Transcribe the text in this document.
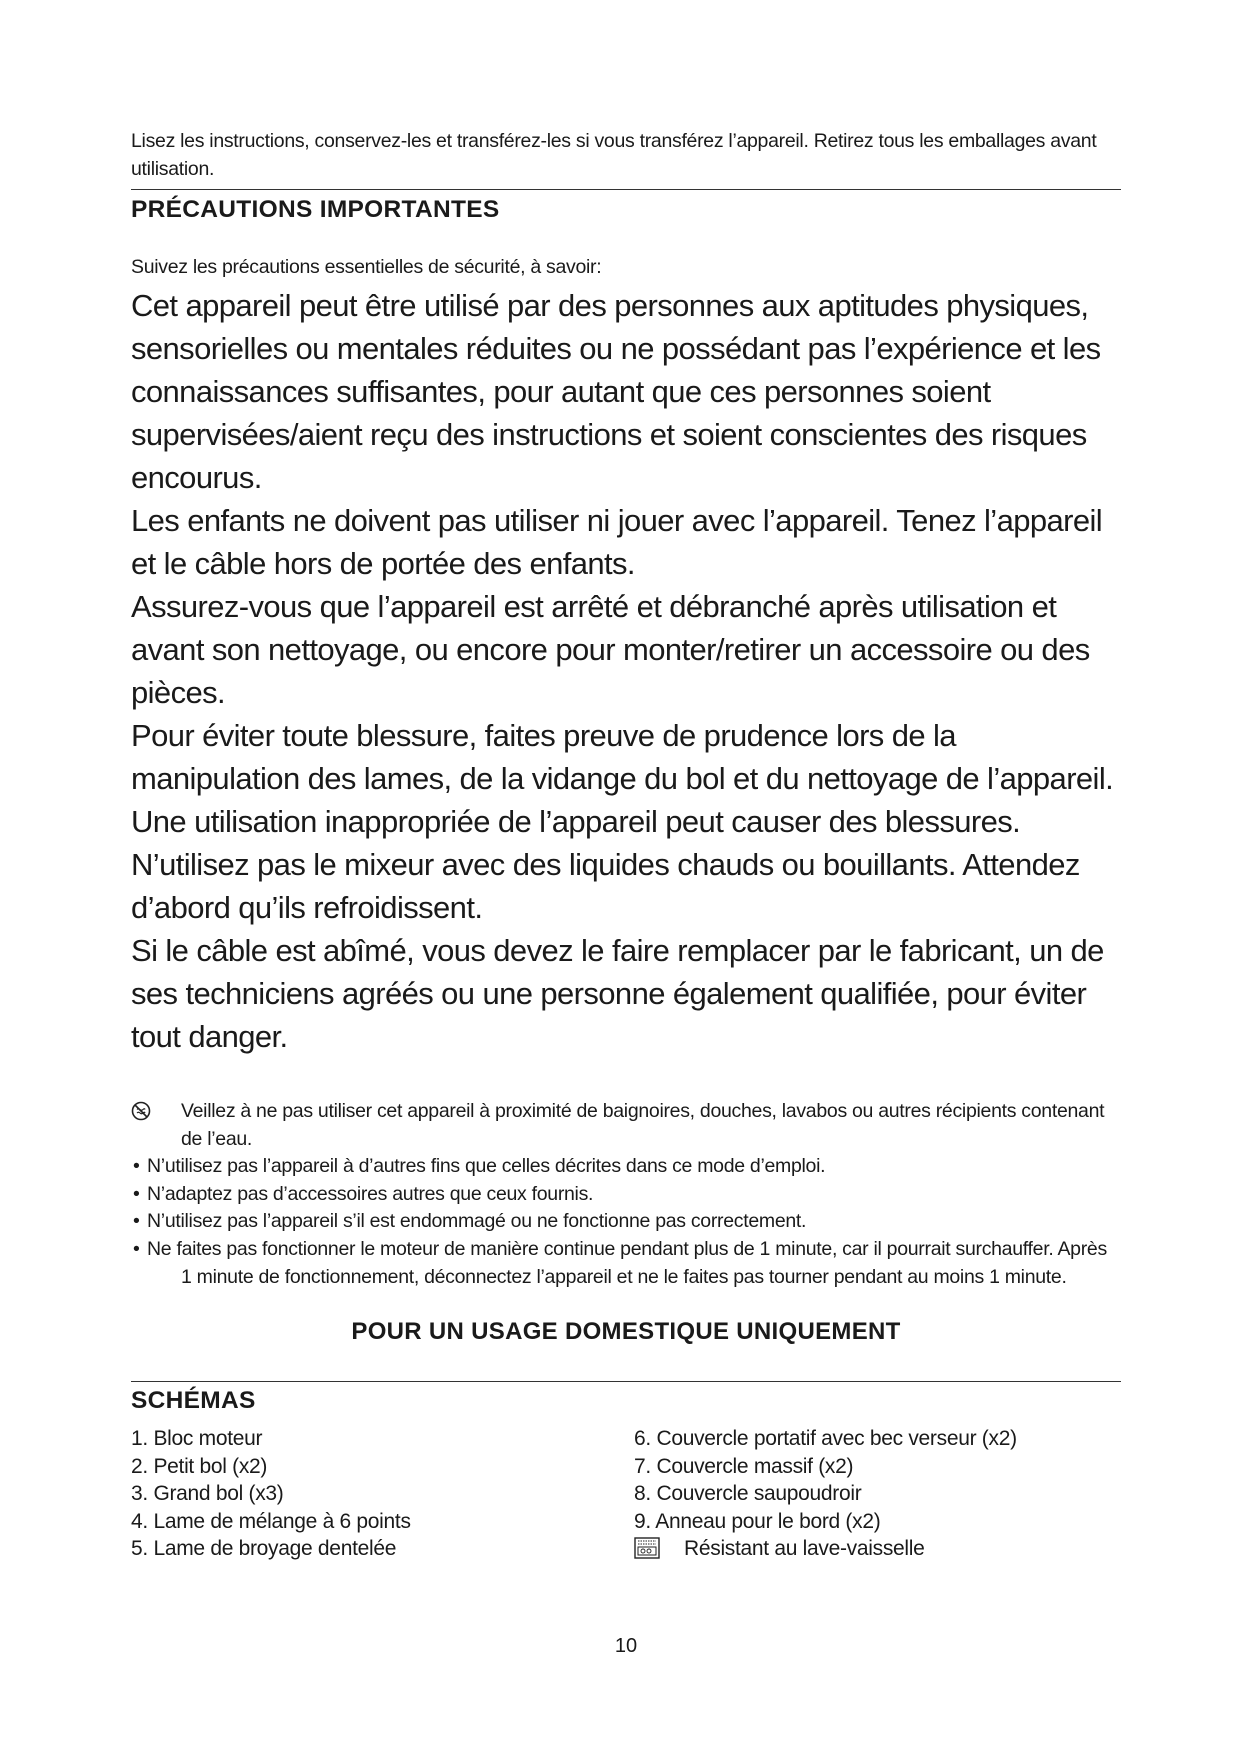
Lisez les instructions, conservez-les et transférez-les si vous transférez l’appareil. Retirez tous les emballages avant utilisation.

PRÉCAUTIONS IMPORTANTES

Suivez les précautions essentielles de sécurité, à savoir:

Cet appareil peut être utilisé par des personnes aux aptitudes physiques, sensorielles ou mentales réduites ou ne possédant pas l’expérience et les connaissances suffisantes, pour autant que ces personnes soient supervisées/aient reçu des instructions et soient conscientes des risques encourus.

Les enfants ne doivent pas utiliser ni jouer avec l’appareil. Tenez l’appareil et le câble hors de portée des enfants.

Assurez-vous que l’appareil est arrêté et débranché après utilisation et avant son nettoyage, ou encore pour monter/retirer un accessoire ou des pièces.

Pour éviter toute blessure, faites preuve de prudence lors de la manipulation des lames, de la vidange du bol et du nettoyage de l’appareil.

Une utilisation inappropriée de l’appareil peut causer des blessures.

N’utilisez pas le mixeur avec des liquides chauds ou bouillants. Attendez d’abord qu’ils refroidissent.

Si le câble est abîmé, vous devez le faire remplacer par le fabricant, un de ses techniciens agréés ou une personne également qualifiée, pour éviter tout danger.

Veillez à ne pas utiliser cet appareil à proximité de baignoires, douches, lavabos ou autres récipients contenant de l’eau.
• N’utilisez pas l’appareil à d’autres fins que celles décrites dans ce mode d’emploi.
• N’adaptez pas d’accessoires autres que ceux fournis.
• N’utilisez pas l’appareil s’il est endommagé ou ne fonctionne pas correctement.
• Ne faites pas fonctionner le moteur de manière continue pendant plus de 1 minute, car il pourrait surchauffer. Après 1 minute de fonctionnement, déconnectez l’appareil et ne le faites pas tourner pendant au moins 1 minute.

POUR UN USAGE DOMESTIQUE UNIQUEMENT

SCHÉMAS
1. Bloc moteur
2. Petit bol (x2)
3. Grand bol (x3)
4. Lame de mélange à 6 points
5. Lame de broyage dentelée
6. Couvercle portatif avec bec verseur (x2)
7. Couvercle massif (x2)
8. Couvercle saupoudroir
9. Anneau pour le bord (x2)
Résistant au lave-vaisselle

10
